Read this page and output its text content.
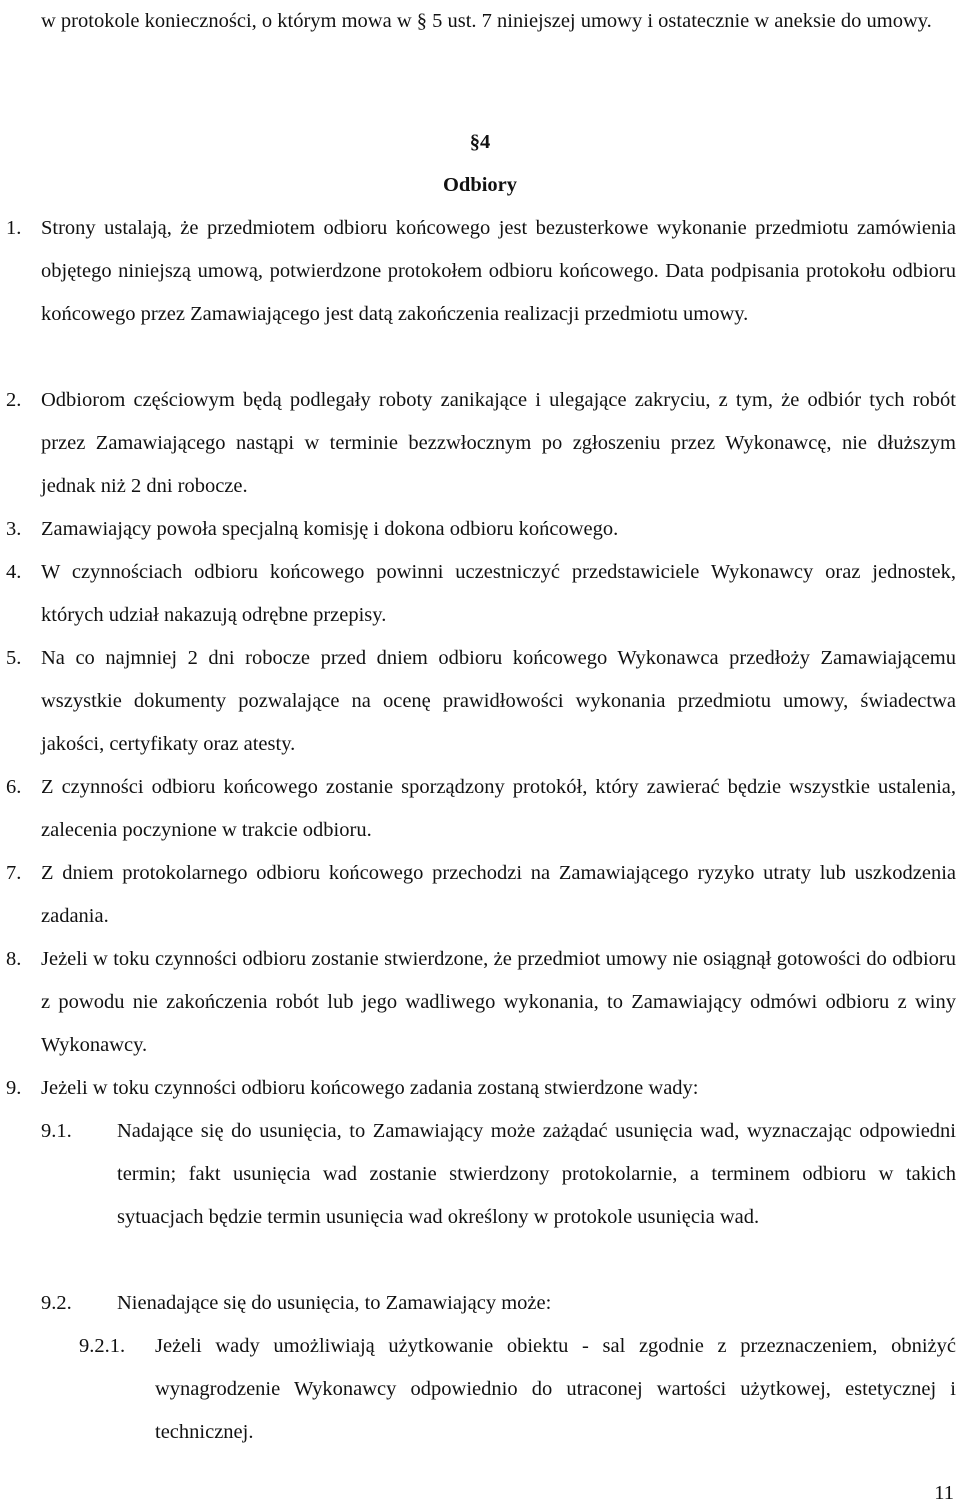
w protokole konieczności, o którym mowa w § 5 ust. 7 niniejszej umowy i ostatecznie w aneksie do umowy.

§4
Odbiory
1. Strony ustalają, że przedmiotem odbioru końcowego jest bezusterkowe wykonanie przedmiotu zamówienia objętego niniejszą umową, potwierdzone protokołem odbioru końcowego. Data podpisania protokołu odbioru końcowego przez Zamawiającego jest datą zakończenia realizacji przedmiotu umowy.
2. Odbiorom częściowym będą podlegały roboty zanikające i ulegające zakryciu, z tym, że odbiór tych robót przez Zamawiającego nastąpi w terminie bezzwłocznym po zgłoszeniu przez Wykonawcę, nie dłuższym jednak niż 2 dni robocze.
3. Zamawiający powoła specjalną komisję i dokona odbioru końcowego.
4. W czynnościach odbioru końcowego powinni uczestniczyć przedstawiciele Wykonawcy oraz jednostek, których udział nakazują odrębne przepisy.
5. Na co najmniej 2 dni robocze przed dniem odbioru końcowego Wykonawca przedłoży Zamawiającemu wszystkie dokumenty pozwalające na ocenę prawidłowości wykonania przedmiotu umowy, świadectwa jakości, certyfikaty oraz atesty.
6. Z czynności odbioru końcowego zostanie sporządzony protokół, który zawierać będzie wszystkie ustalenia, zalecenia poczynione w trakcie odbioru.
7. Z dniem protokolarnego odbioru końcowego przechodzi na Zamawiającego ryzyko utraty lub uszkodzenia zadania.
8. Jeżeli w toku czynności odbioru zostanie stwierdzone, że przedmiot umowy nie osiągnął gotowości do odbioru z powodu nie zakończenia robót lub jego wadliwego wykonania, to Zamawiający odmówi odbioru z winy Wykonawcy.
9. Jeżeli w toku czynności odbioru końcowego zadania zostaną stwierdzone wady:
9.1. Nadające się do usunięcia, to Zamawiający może zażądać usunięcia wad, wyznaczając odpowiedni termin; fakt usunięcia wad zostanie stwierdzony protokolarnie, a terminem odbioru w takich sytuacjach będzie termin usunięcia wad określony w protokole usunięcia wad.
9.2. Nienadające się do usunięcia, to Zamawiający może:
9.2.1. Jeżeli wady umożliwiają użytkowanie obiektu - sal zgodnie z przeznaczeniem, obniżyć wynagrodzenie Wykonawcy odpowiednio do utraconej wartości użytkowej, estetycznej i technicznej.
11
